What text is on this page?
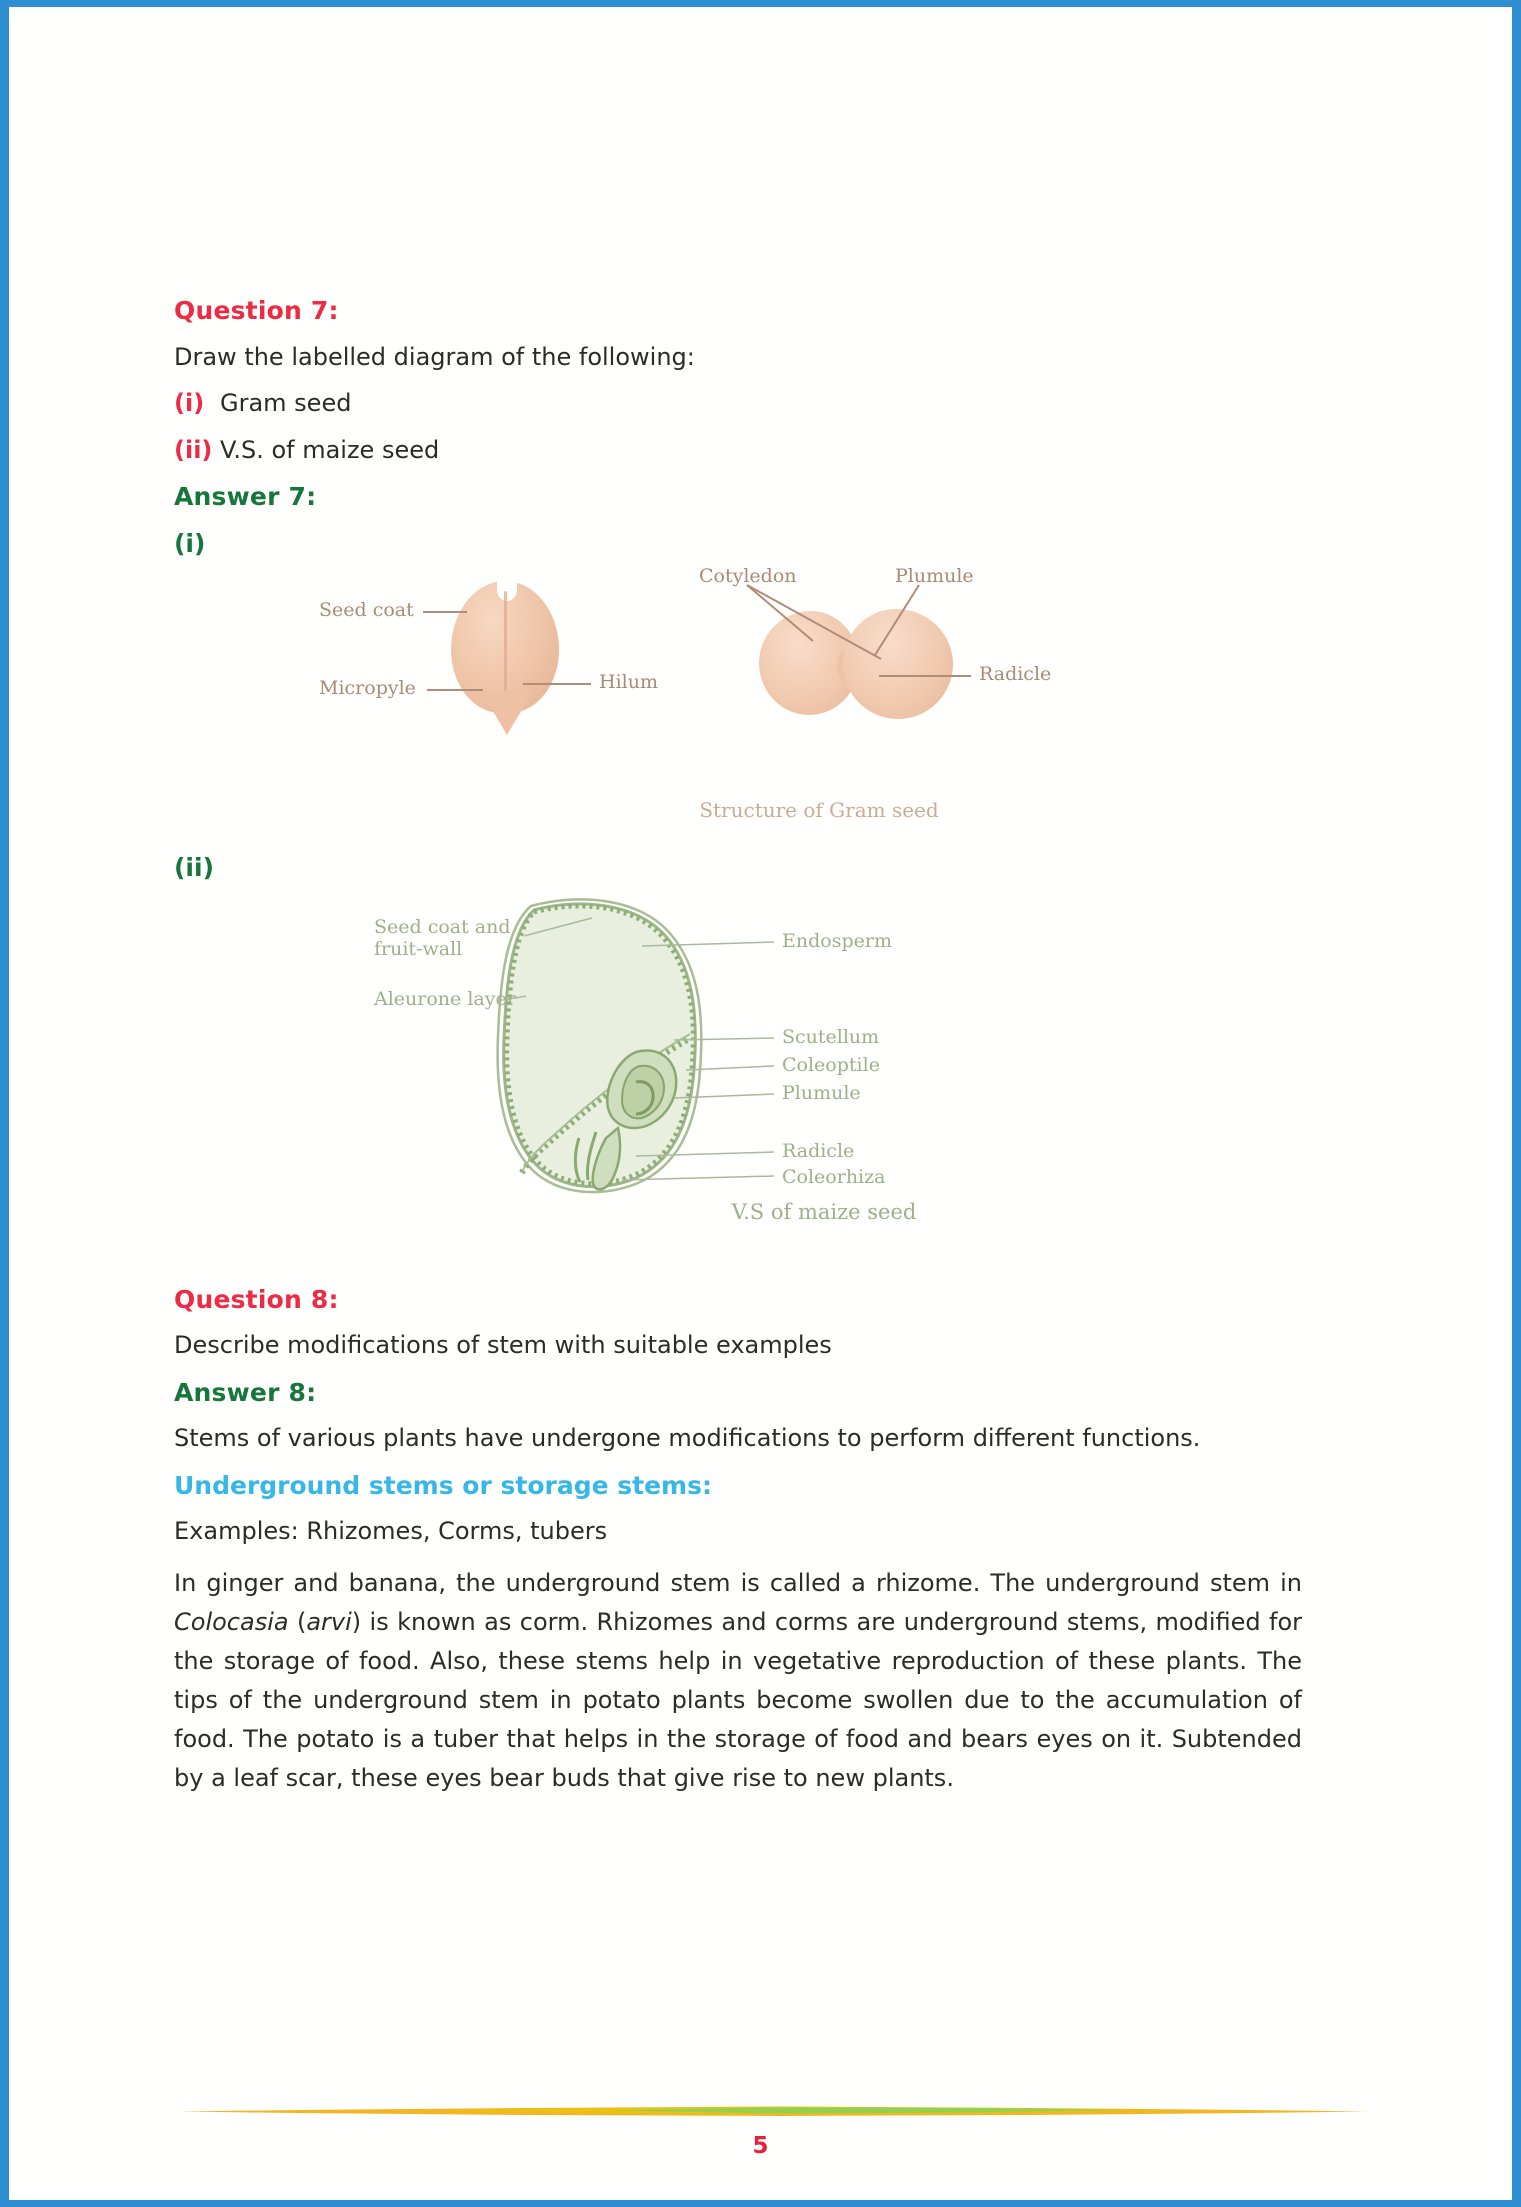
Question 7:
Draw the labelled diagram of the following:
(i) Gram seed
(ii) V.S. of maize seed
Answer 7:
(i)
Seed coat
Micropyle	Hilum
Cotyledon	Plumule
Radicle
Structure of Gram seed
(ii)
Seed coat and
fruit-wall
Aleurone layer
Endosperm
Scutellum
Coleoptile
Plumule
Radicle
Coleorhiza
V.S of maize seed
Question 8:
Describe modifications of stem with suitable examples
Answer 8:
Stems of various plants have undergone modifications to perform different functions.
Underground stems or storage stems:
Examples: Rhizomes, Corms, tubers

In ginger and banana, the underground stem is called a rhizome. The underground stem in Colocasia (arvi) is known as corm. Rhizomes and corms are underground stems, modified for the storage of food. Also, these stems help in vegetative reproduction of these plants. The tips of the underground stem in potato plants become swollen due to the accumulation of food. The potato is a tuber that helps in the storage of food and bears eyes on it. Subtended by a leaf scar, these eyes bear buds that give rise to new plants.

5
